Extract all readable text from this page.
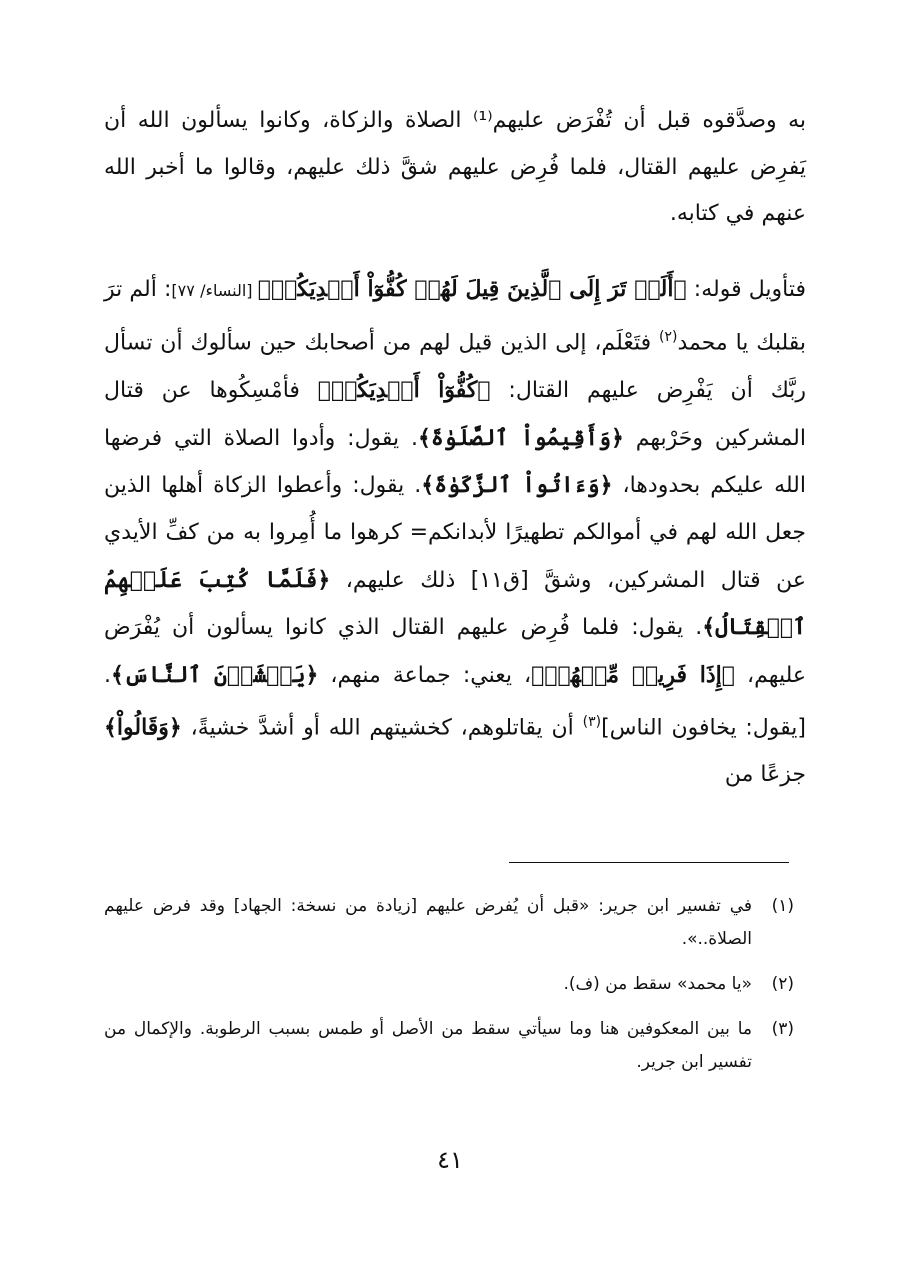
به وصدَّقوه قبل أن تُفْرَض عليهم⁽¹⁾ الصلاة والزكاة، وكانوا يسألون الله أن يَفرِض عليهم القتال، فلما فُرِض عليهم شقَّ ذلك عليهم، وقالوا ما أخبر الله عنهم في كتابه.

فتأويل قوله: ﴿أَلَمۡ تَرَ إِلَى ٱلَّذِينَ قِيلَ لَهُمۡ كُفُّوٓاْ أَيۡدِيَكُمۡ﴾ [النساء/ ٧٧]: ألم ترَ بقلبك يا محمد$^{(٢)}$ فتَعْلَم، إلى الذين قيل لهم من أصحابك حين سألوك أن تسأل ربَّك أن يَفْرِض عليهم القتال: ﴿كُفُّوٓاْ أَيۡدِيَكُمۡ﴾ فأمْسِكُوها عن قتال المشركين وحَرْبهم ﴿وَأَقِيمُواْ ٱلصَّلَوٰةَ﴾. يقول: وأدوا الصلاة التي فرضها الله عليكم بحدودها، ﴿وَءَاتُواْ ٱلزَّكَوٰةَ﴾. يقول: وأعطوا الزكاة أهلها الذين جعل الله لهم في أموالكم تطهيرًا لأبدانكم= كرهوا ما أُمِروا به من كفِّ الأيدي عن قتال المشركين، وشقَّ [ق١١] ذلك عليهم، ﴿فَلَمَّا كُتِبَ عَلَيۡهِمُ ٱلۡقِتَالُ﴾. يقول: فلما فُرِض عليهم القتال الذي كانوا يسألون أن يُفْرَض عليهم، ﴿إِذَا فَرِيقٞ مِّنۡهُمۡ﴾، يعني: جماعة منهم، ﴿يَخۡشَوۡنَ ٱلنَّاسَ﴾. [يقول: يخافون الناس]$^{(٣)}$ أن يقاتلوهم، كخشيتهم الله أو أشدَّ خشيةً، ﴿وَقَالُواْ﴾ جزعًا من
(١)
في تفسير ابن جرير: «قبل أن يُفرض عليهم [زيادة من نسخة: الجهاد] وقد فرض عليهم الصلاة..».
(٢)
«يا محمد» سقط من (ف).
(٣)
ما بين المعكوفين هنا وما سيأتي سقط من الأصل أو طمس بسبب الرطوبة. والإكمال من تفسير ابن جرير.
٤١
